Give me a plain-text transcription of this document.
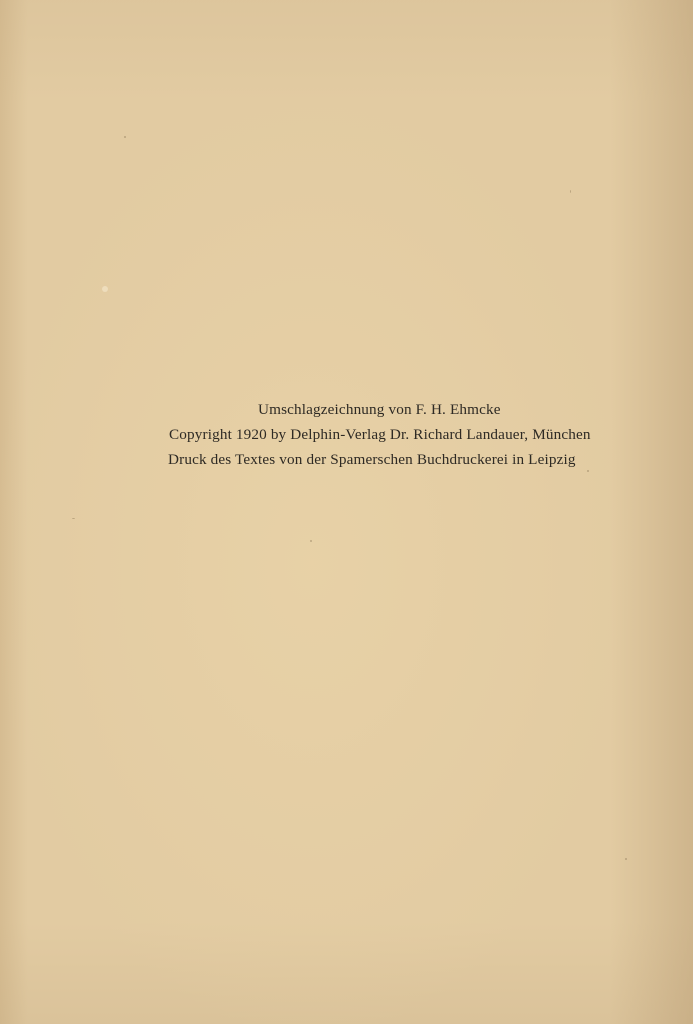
Umschlagzeichnung von F. H. Ehmcke
Copyright 1920 by Delphin-Verlag Dr. Richard Landauer, München
Druck des Textes von der Spamerschen Buchdruckerei in Leipzig
